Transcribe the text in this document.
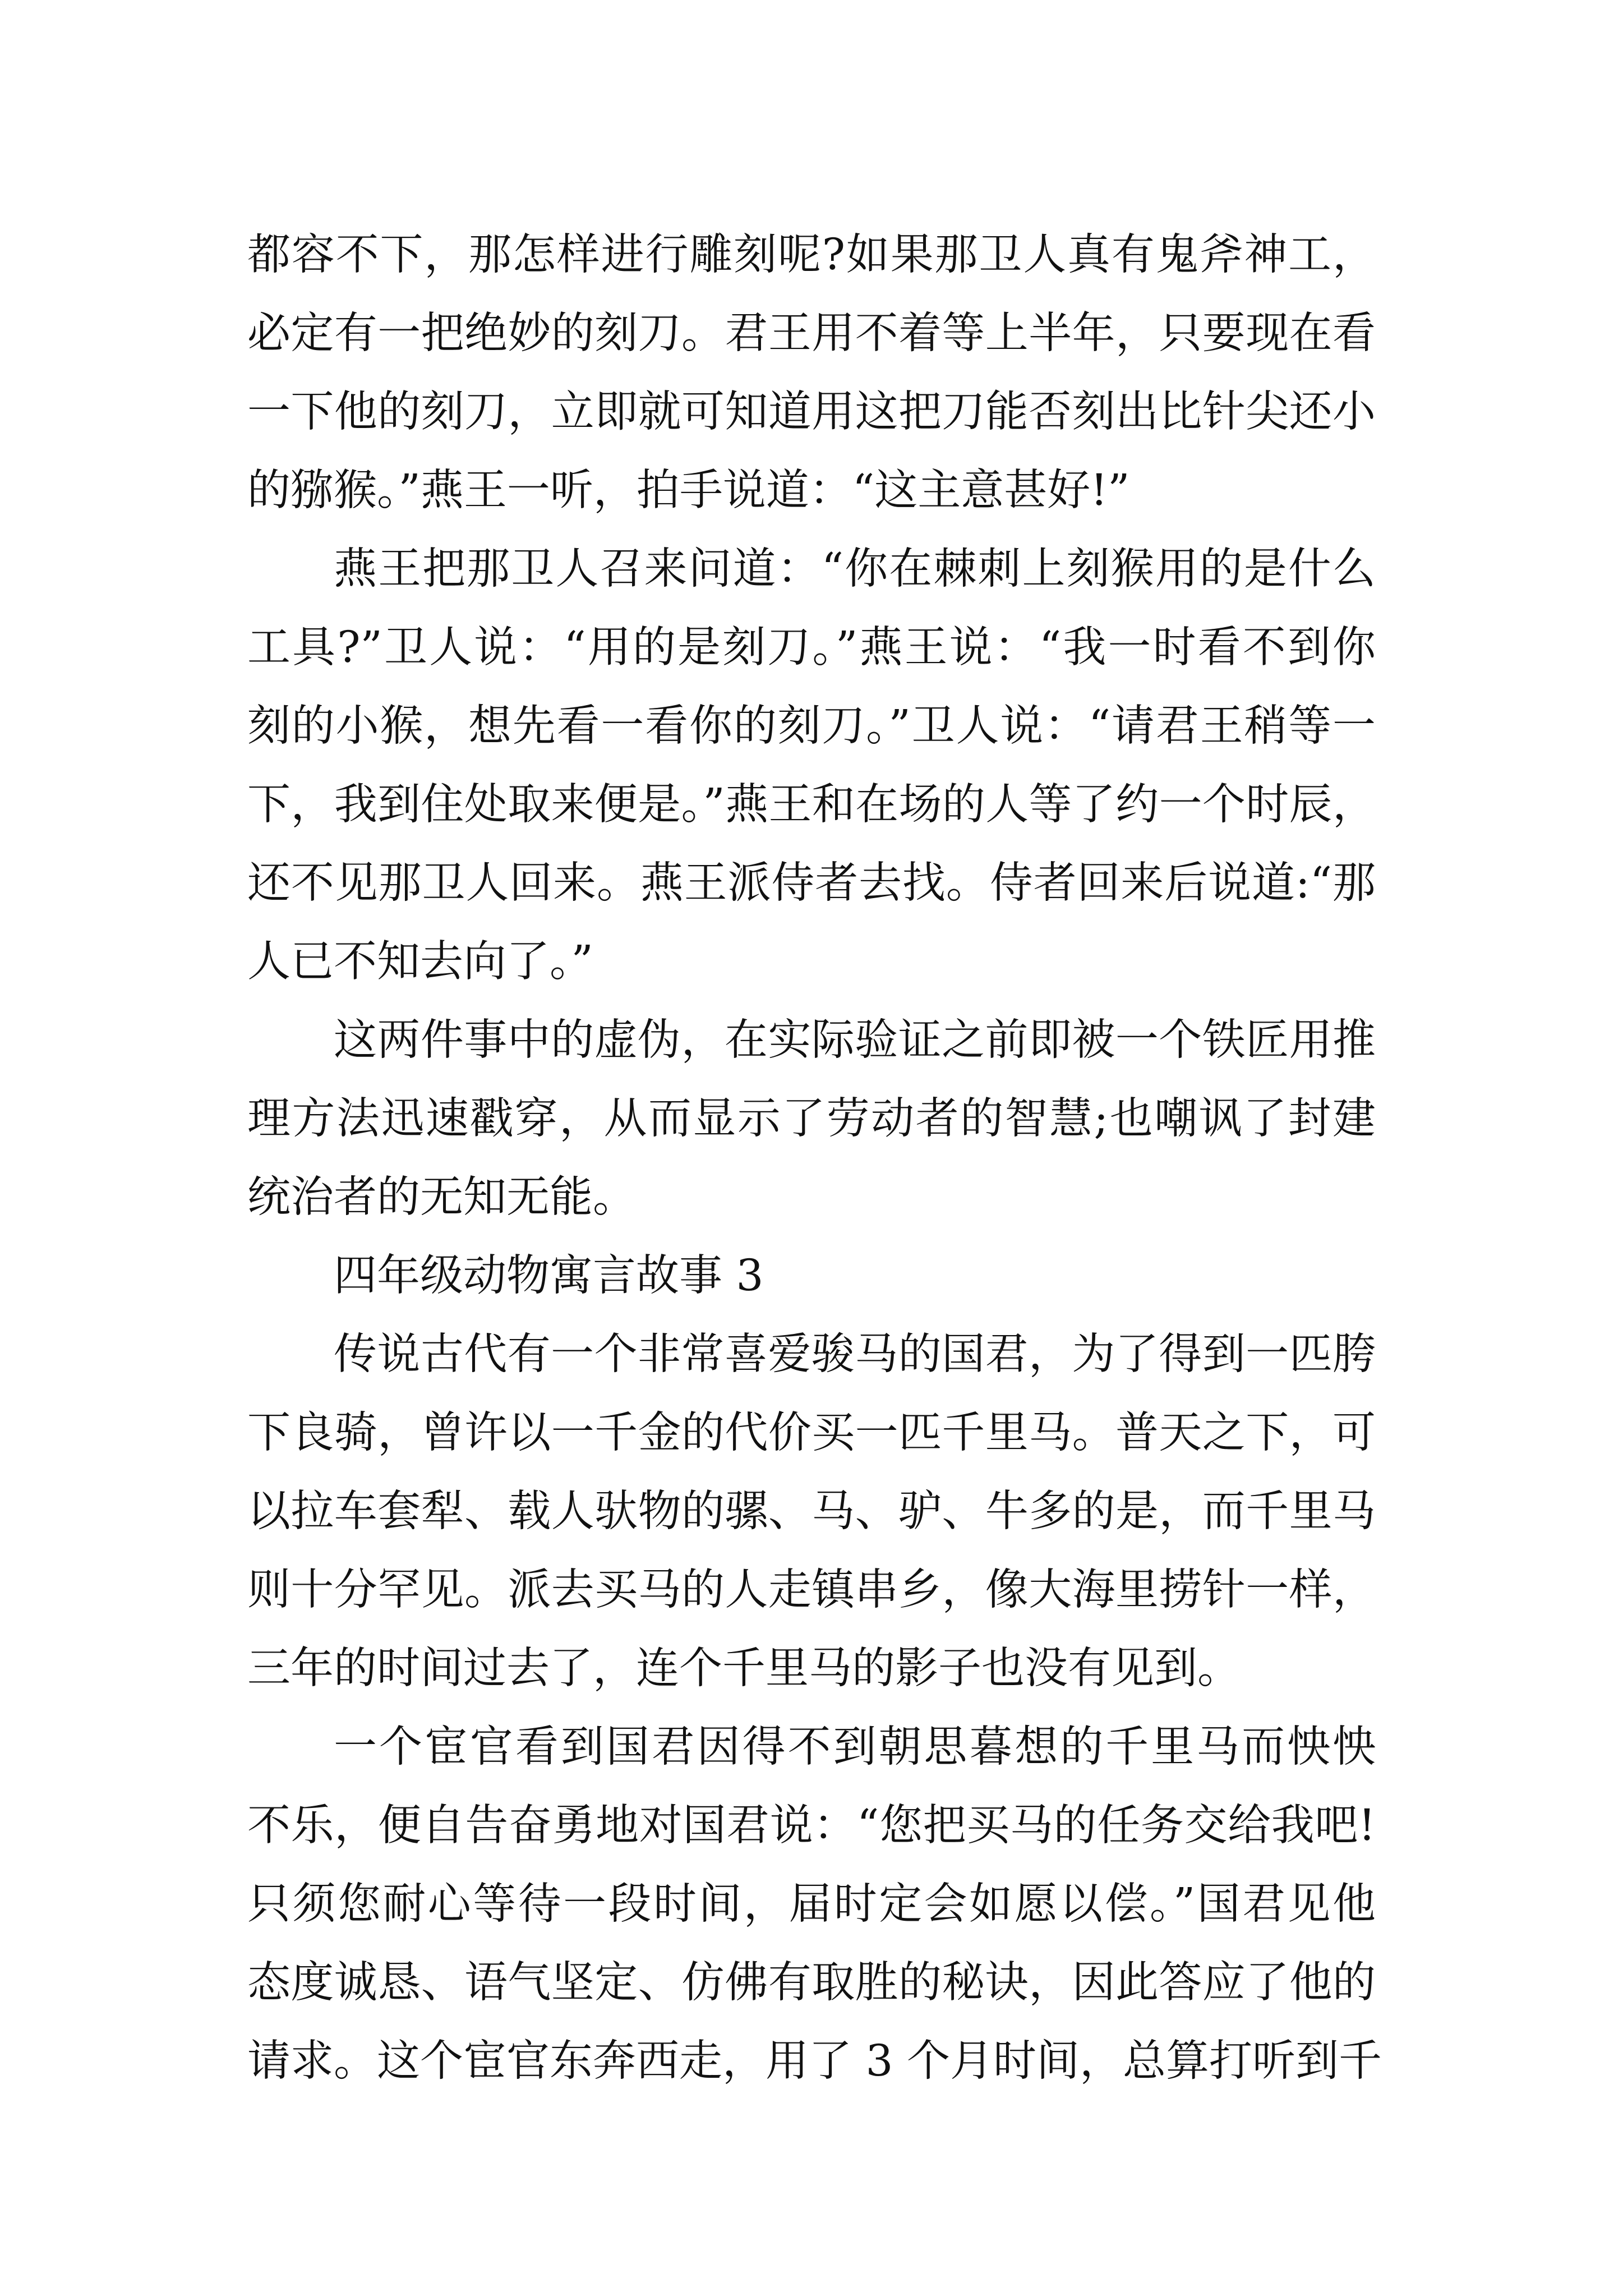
都容不下，那怎样进行雕刻呢?如果那卫人真有鬼斧神工，
必定有一把绝妙的刻刀。君王用不着等上半年，只要现在看
一下他的刻刀，立即就可知道用这把刀能否刻出比针尖还小
的猕猴。”燕王一听，拍手说道：“这主意甚好!”
燕王把那卫人召来问道：“你在棘刺上刻猴用的是什么
工具?”卫人说：“用的是刻刀。”燕王说：“我一时看不到你
刻的小猴，想先看一看你的刻刀。”卫人说：“请君王稍等一
下，我到住处取来便是。”燕王和在场的人等了约一个时辰，
还不见那卫人回来。燕王派侍者去找。侍者回来后说道:“那
人已不知去向了。”
这两件事中的虚伪，在实际验证之前即被一个铁匠用推
理方法迅速戳穿，从而显示了劳动者的智慧;也嘲讽了封建
统治者的无知无能。
四年级动物寓言故事 3
传说古代有一个非常喜爱骏马的国君，为了得到一匹胯
下良骑，曾许以一千金的代价买一匹千里马。普天之下，可
以拉车套犁、载人驮物的骡、马、驴、牛多的是，而千里马
则十分罕见。派去买马的人走镇串乡，像大海里捞针一样，
三年的时间过去了，连个千里马的影子也没有见到。
一个宦官看到国君因得不到朝思暮想的千里马而怏怏
不乐，便自告奋勇地对国君说：“您把买马的任务交给我吧!
只须您耐心等待一段时间，届时定会如愿以偿。”国君见他
态度诚恳、语气坚定、仿佛有取胜的秘诀，因此答应了他的
请求。这个宦官东奔西走，用了 3 个月时间，总算打听到千
